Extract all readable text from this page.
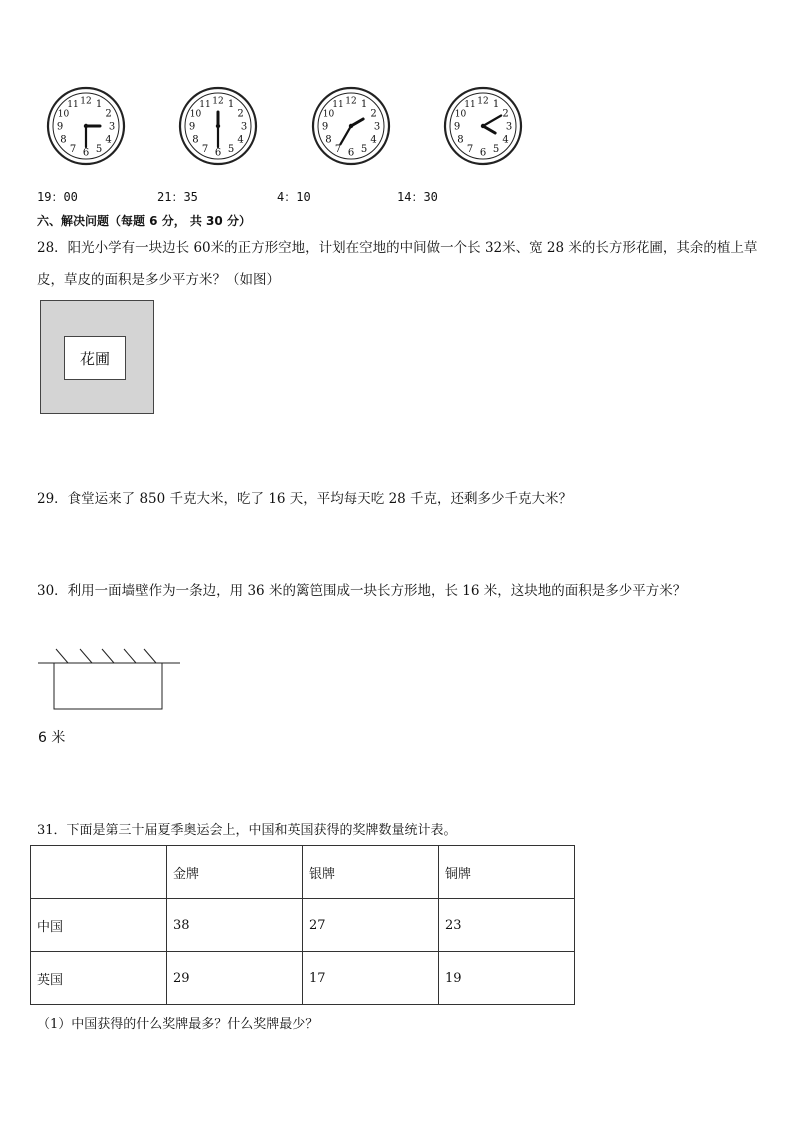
1
2
3
4
5
6
7
8
9
10
11 12	1
2
3
4
5
6
7
8
9
10
11 12	1
2
3
4
5
6
7
8
9
10
11 12	1
2
3
4
5
6
7
8
9
10
11 12
19：00	21：35	4：10	14：30
六、解决问题（每题 6 分， 共 30 分）
28．阳光小学有一块边长 60米的正方形空地，计划在空地的中间做一个长 32米、宽 28 米的长方形花圃，其余的植上草皮，草皮的面积是多少平方米？（如图）
花圃
29．食堂运来了 850 千克大米，吃了 16 天，平均每天吃 28 千克，还剩多少千克大米？
30．利用一面墙壁作为一条边，用 36 米的篱笆围成一块长方形地，长 16 米，这块地的面积是多少平方米？
6 米
31．下面是第三十届夏季奥运会上，中国和英国获得的奖牌数量统计表。
	金牌	银牌	铜牌
中国	38	27	23
英国	29	17	19
（1）中国获得的什么奖牌最多？什么奖牌最少？
